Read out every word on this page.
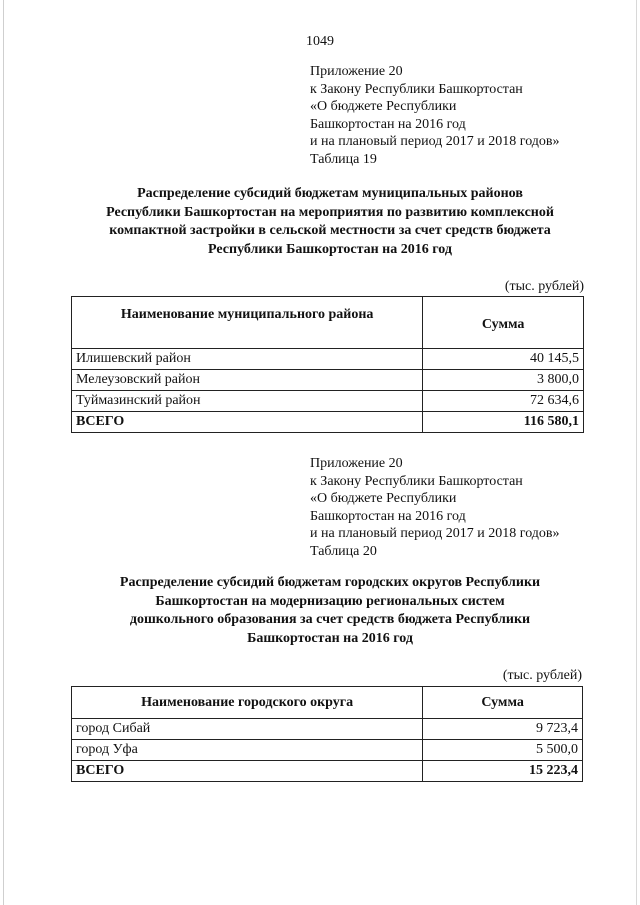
1049
Приложение 20
к Закону Республики Башкортостан
«О бюджете Республики
Башкортостан на 2016 год
и на плановый период 2017 и 2018 годов»
Таблица 19
Распределение субсидий бюджетам муниципальных районов
Республики Башкортостан на мероприятия по развитию комплексной
компактной застройки в сельской местности за счет средств бюджета
Республики Башкортостан на 2016 год
(тыс. рублей)
Наименование муниципального района	Сумма
Илишевский район	40 145,5
Мелеузовский район	3 800,0
Туймазинский район	72 634,6
ВСЕГО	116 580,1
Приложение 20
к Закону Республики Башкортостан
«О бюджете Республики
Башкортостан на 2016 год
и на плановый период 2017 и 2018 годов»
Таблица 20
Распределение субсидий бюджетам городских округов Республики
Башкортостан на модернизацию региональных систем
дошкольного образования за счет средств бюджета Республики
Башкортостан на 2016 год
(тыс. рублей)
Наименование городского округа	Сумма
город Сибай	9 723,4
город Уфа	5 500,0
ВСЕГО	15 223,4
